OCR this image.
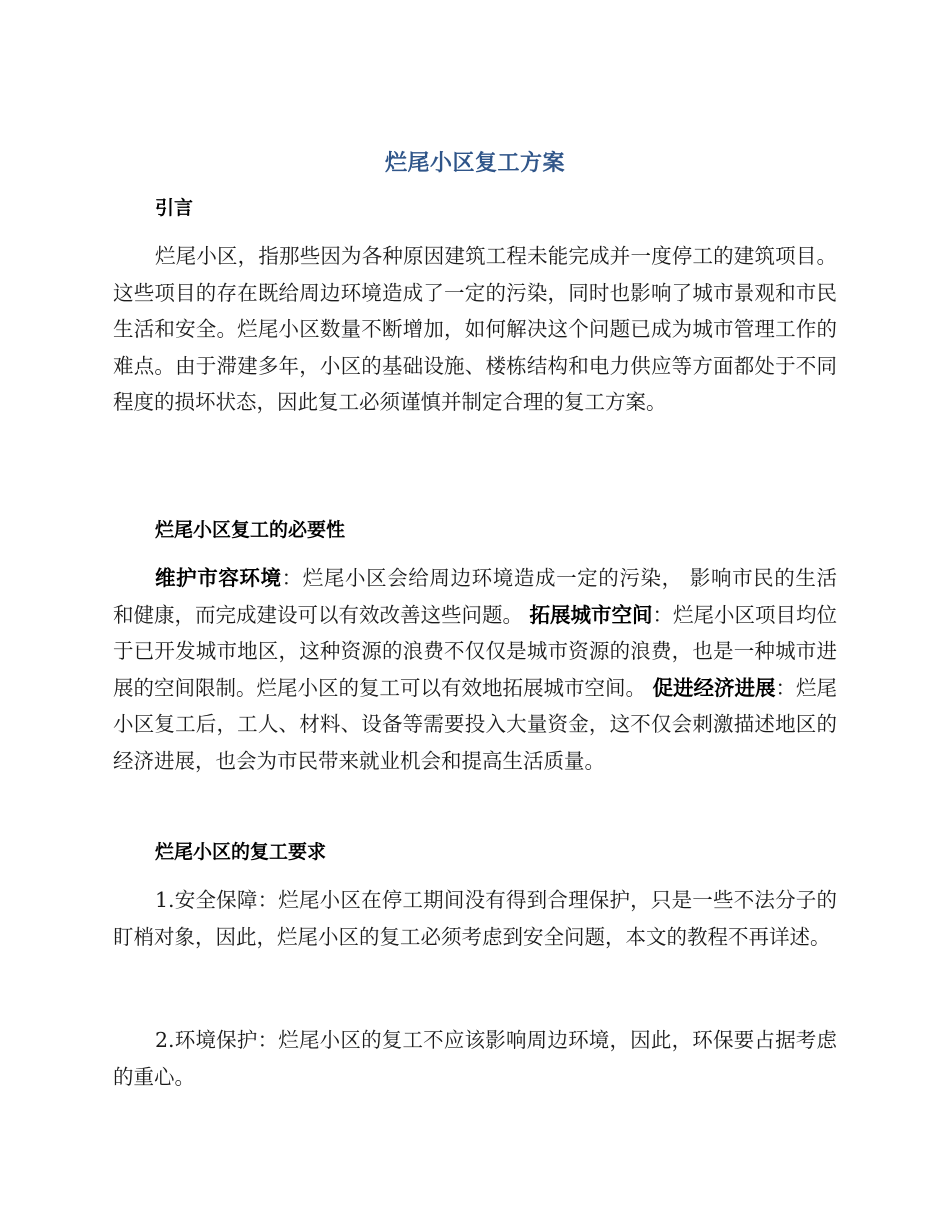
烂尾小区复工方案
引言

烂尾小区，指那些因为各种原因建筑工程未能完成并一度停工的建筑项目。这些项目的存在既给周边环境造成了一定的污染，同时也影响了城市景观和市民生活和安全。烂尾小区数量不断增加，如何解决这个问题已成为城市管理工作的难点。由于滞建多年，小区的基础设施、楼栋结构和电力供应等方面都处于不同程度的损坏状态，因此复工必须谨慎并制定合理的复工方案。

烂尾小区复工的必要性

维护市容环境：烂尾小区会给周边环境造成一定的污染， 影响市民的生活和健康，而完成建设可以有效改善这些问题。 拓展城市空间：烂尾小区项目均位于已开发城市地区，这种资源的浪费不仅仅是城市资源的浪费，也是一种城市进展的空间限制。烂尾小区的复工可以有效地拓展城市空间。 促进经济进展：烂尾小区复工后，工人、材料、设备等需要投入大量资金，这不仅会刺激描述地区的经济进展，也会为市民带来就业机会和提高生活质量。

烂尾小区的复工要求

1.安全保障：烂尾小区在停工期间没有得到合理保护，只是一些不法分子的盯梢对象，因此，烂尾小区的复工必须考虑到安全问题，本文的教程不再详述。

2.环境保护：烂尾小区的复工不应该影响周边环境，因此，环保要占据考虑的重心。
